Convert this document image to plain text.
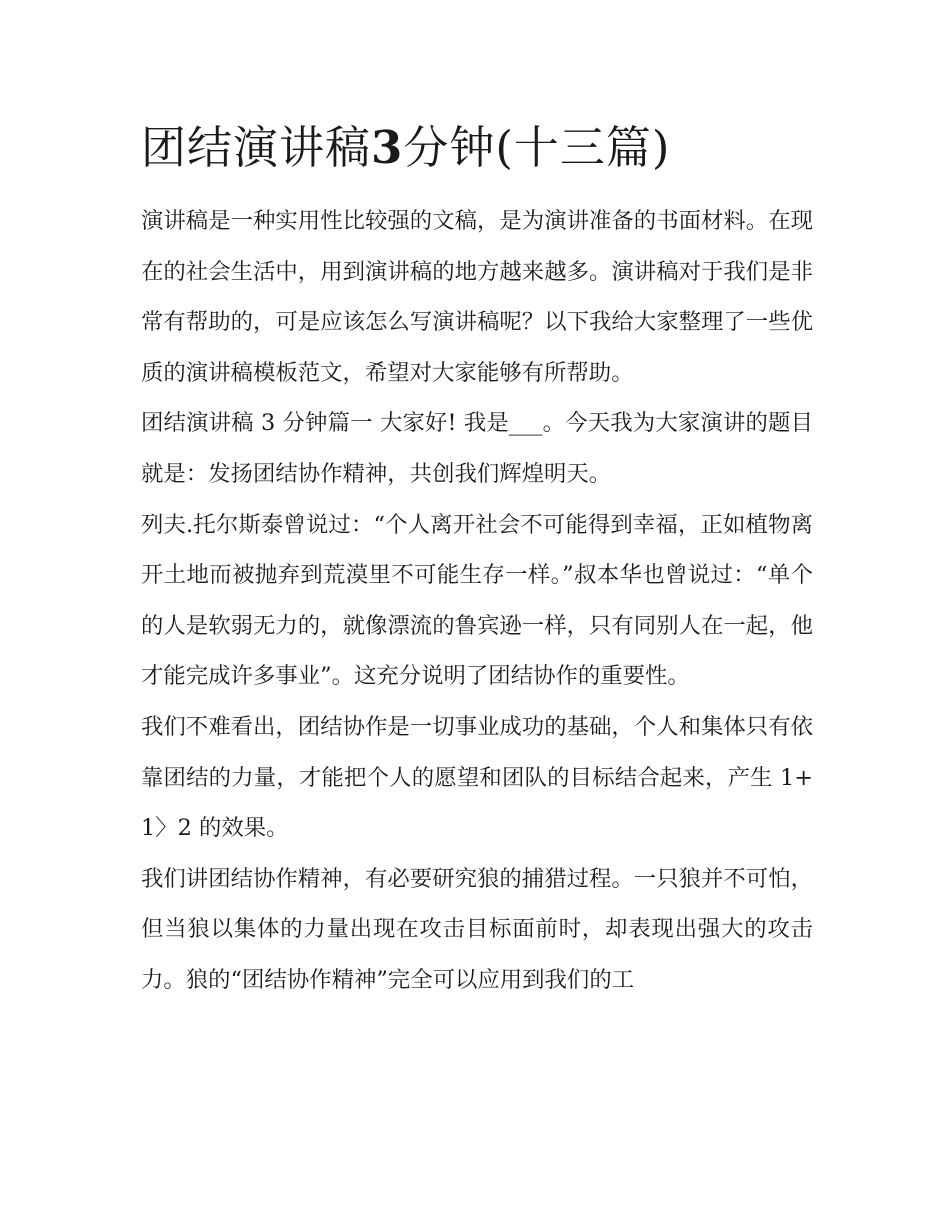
团结演讲稿3分钟(十三篇)

演讲稿是一种实用性比较强的文稿，是为演讲准备的书面材料。在现在的社会生活中，用到演讲稿的地方越来越多。演讲稿对于我们是非常有帮助的，可是应该怎么写演讲稿呢？以下我给大家整理了一些优质的演讲稿模板范文，希望对大家能够有所帮助。

团结演讲稿 3 分钟篇一 大家好! 我是___。今天我为大家演讲的题目就是：发扬团结协作精神，共创我们辉煌明天。

列夫.托尔斯泰曾说过：“个人离开社会不可能得到幸福，正如植物离开土地而被抛弃到荒漠里不可能生存一样。”叔本华也曾说过：“单个的人是软弱无力的，就像漂流的鲁宾逊一样，只有同别人在一起，他才能完成许多事业”。这充分说明了团结协作的重要性。

我们不难看出，团结协作是一切事业成功的基础，个人和集体只有依靠团结的力量，才能把个人的愿望和团队的目标结合起来，产生 1+1〉2 的效果。

我们讲团结协作精神，有必要研究狼的捕猎过程。一只狼并不可怕，但当狼以集体的力量出现在攻击目标面前时，却表现出强大的攻击力。狼的“团结协作精神”完全可以应用到我们的工
